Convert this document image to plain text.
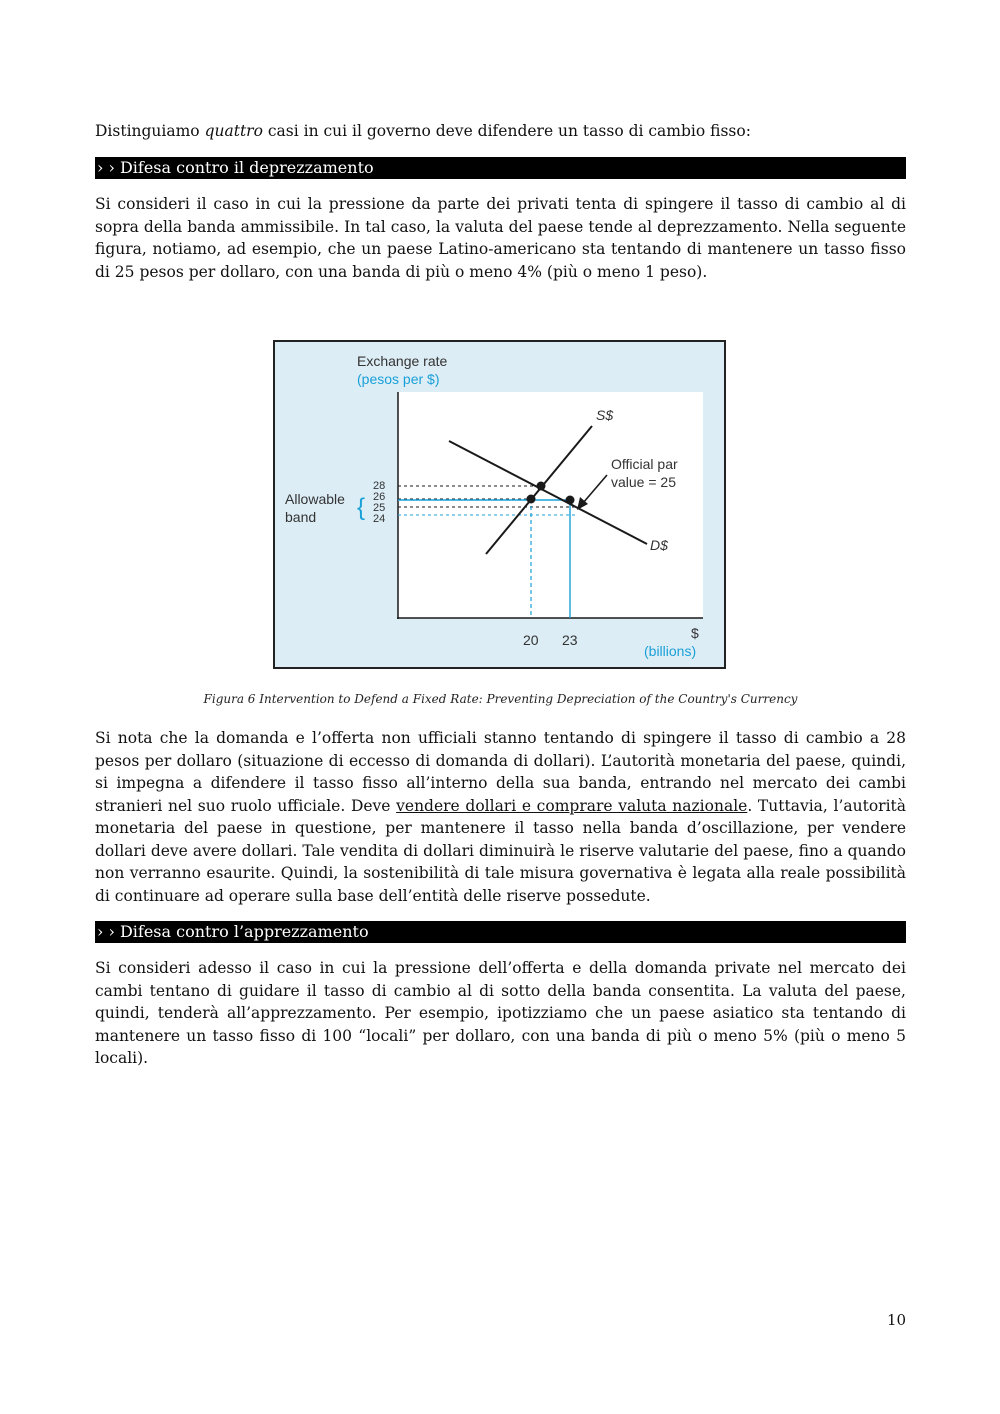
Distinguiamo quattro casi in cui il governo deve difendere un tasso di cambio fisso:

› › Difesa contro il deprezzamento

Si consideri il caso in cui la pressione da parte dei privati tenta di spingere il tasso di cambio al di sopra della banda ammissibile. In tal caso, la valuta del paese tende al deprezzamento. Nella seguente figura, notiamo, ad esempio, che un paese Latino-americano sta tentando di mantenere un tasso fisso di 25 pesos per dollaro, con una banda di più o meno 4% (più o meno 1 peso).

Si nota che la domanda e l’offerta non ufficiali stanno tentando di spingere il tasso di cambio a 28 pesos per dollaro (situazione di eccesso di domanda di dollari). L’autorità monetaria del paese, quindi, si impegna a difendere il tasso fisso all’interno della sua banda, entrando nel mercato dei cambi stranieri nel suo ruolo ufficiale. Deve vendere dollari e comprare valuta nazionale. Tuttavia, l’autorità monetaria del paese in questione, per mantenere il tasso nella banda d’oscillazione, per vendere dollari deve avere dollari. Tale vendita di dollari diminuirà le riserve valutarie del paese, fino a quando non verranno esaurite. Quindi, la sostenibilità di tale misura governativa è legata alla reale possibilità di continuare ad operare sulla base dell’entità delle riserve possedute.

› › Difesa contro l’apprezzamento

Si consideri adesso il caso in cui la pressione dell’offerta e della domanda private nel mercato dei cambi tentano di guidare il tasso di cambio al di sotto della banda consentita. La valuta del paese, quindi, tenderà all’apprezzamento. Per esempio, ipotizziamo che un paese asiatico sta tentando di mantenere un tasso fisso di 100 “locali” per dollaro, con una banda di più o meno 5% (più o meno 5 locali).

Figura 6 Intervention to Defend a Fixed Rate: Preventing Depreciation of the Country's Currency
{
Exchange rate
(pesos per $)
Allowable
band
28
26
25
24
20 23	$
(billions)
S$
D$
Official par
value = 25
10
